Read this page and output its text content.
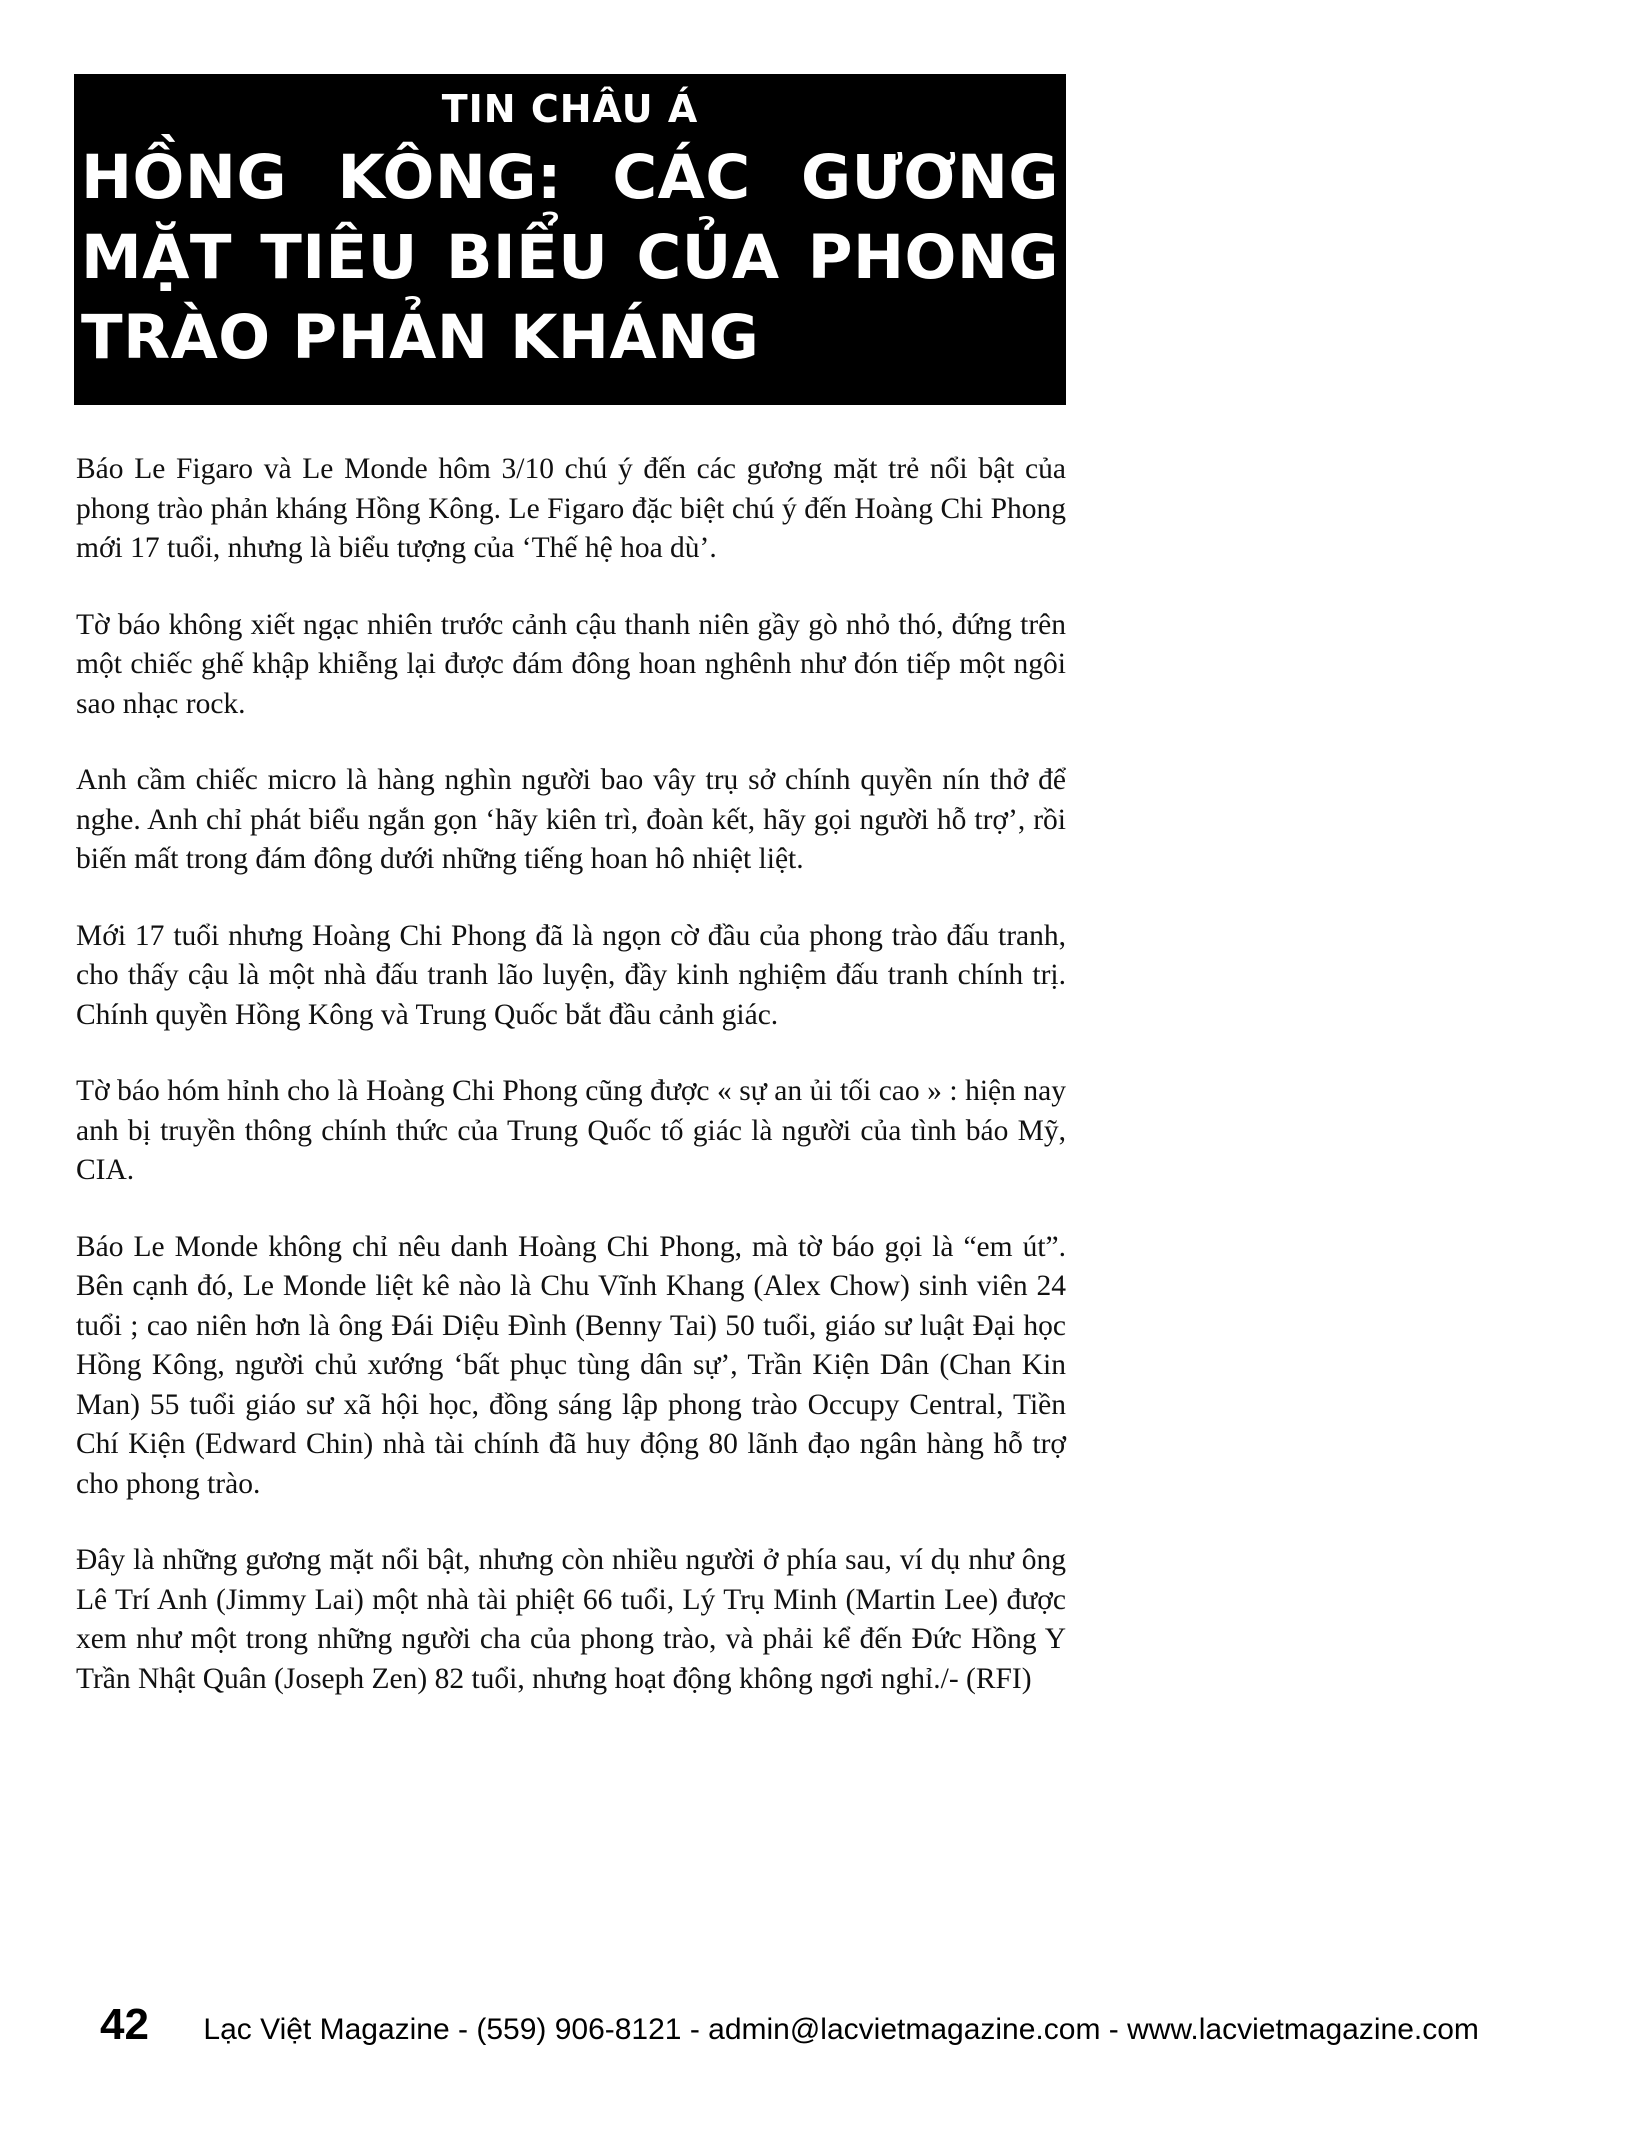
TIN CHÂU Á
HỒNG KÔNG: CÁC GƯƠNG MẶT TIÊU BIỂU CỦA PHONG TRÀO PHẢN KHÁNG

Báo Le Figaro và Le Monde hôm 3/10 chú ý đến các gương mặt trẻ nổi bật của phong trào phản kháng Hồng Kông. Le Figaro đặc biệt chú ý đến Hoàng Chi Phong mới 17 tuổi, nhưng là biểu tượng của ‘Thế hệ hoa dù’.

Tờ báo không xiết ngạc nhiên trước cảnh cậu thanh niên gầy gò nhỏ thó, đứng trên một chiếc ghế khập khiễng lại được đám đông hoan nghênh như đón tiếp một ngôi sao nhạc rock.

Anh cầm chiếc micro là hàng nghìn người bao vây trụ sở chính quyền nín thở để nghe. Anh chỉ phát biểu ngắn gọn ‘hãy kiên trì, đoàn kết, hãy gọi người hỗ trợ’, rồi biến mất trong đám đông dưới những tiếng hoan hô nhiệt liệt.

Mới 17 tuổi nhưng Hoàng Chi Phong đã là ngọn cờ đầu của phong trào đấu tranh, cho thấy cậu là một nhà đấu tranh lão luyện, đầy kinh nghiệm đấu tranh chính trị. Chính quyền Hồng Kông và Trung Quốc bắt đầu cảnh giác.

Tờ báo hóm hỉnh cho là Hoàng Chi Phong cũng được « sự an ủi tối cao » : hiện nay anh bị truyền thông chính thức của Trung Quốc tố giác là người của tình báo Mỹ, CIA.

Báo Le Monde không chỉ nêu danh Hoàng Chi Phong, mà tờ báo gọi là “em út”. Bên cạnh đó, Le Monde liệt kê nào là Chu Vĩnh Khang (Alex Chow) sinh viên 24 tuổi ; cao niên hơn là ông Đái Diệu Đình (Benny Tai) 50 tuổi, giáo sư luật Đại học Hồng Kông, người chủ xướng ‘bất phục tùng dân sự’, Trần Kiện Dân (Chan Kin Man) 55 tuổi giáo sư xã hội học, đồng sáng lập phong trào Occupy Central, Tiền Chí Kiện (Edward Chin) nhà tài chính đã huy động 80 lãnh đạo ngân hàng hỗ trợ cho phong trào.

Đây là những gương mặt nổi bật, nhưng còn nhiều người ở phía sau, ví dụ như ông Lê Trí Anh (Jimmy Lai) một nhà tài phiệt 66 tuổi, Lý Trụ Minh (Martin Lee) được xem như một trong những người cha của phong trào, và phải kể đến Đức Hồng Y Trần Nhật Quân (Joseph Zen) 82 tuổi, nhưng hoạt động không ngơi nghỉ./- (RFI)

42 Lạc Việt Magazine - (559) 906-8121 - admin@lacvietmagazine.com - www.lacvietmagazine.com
